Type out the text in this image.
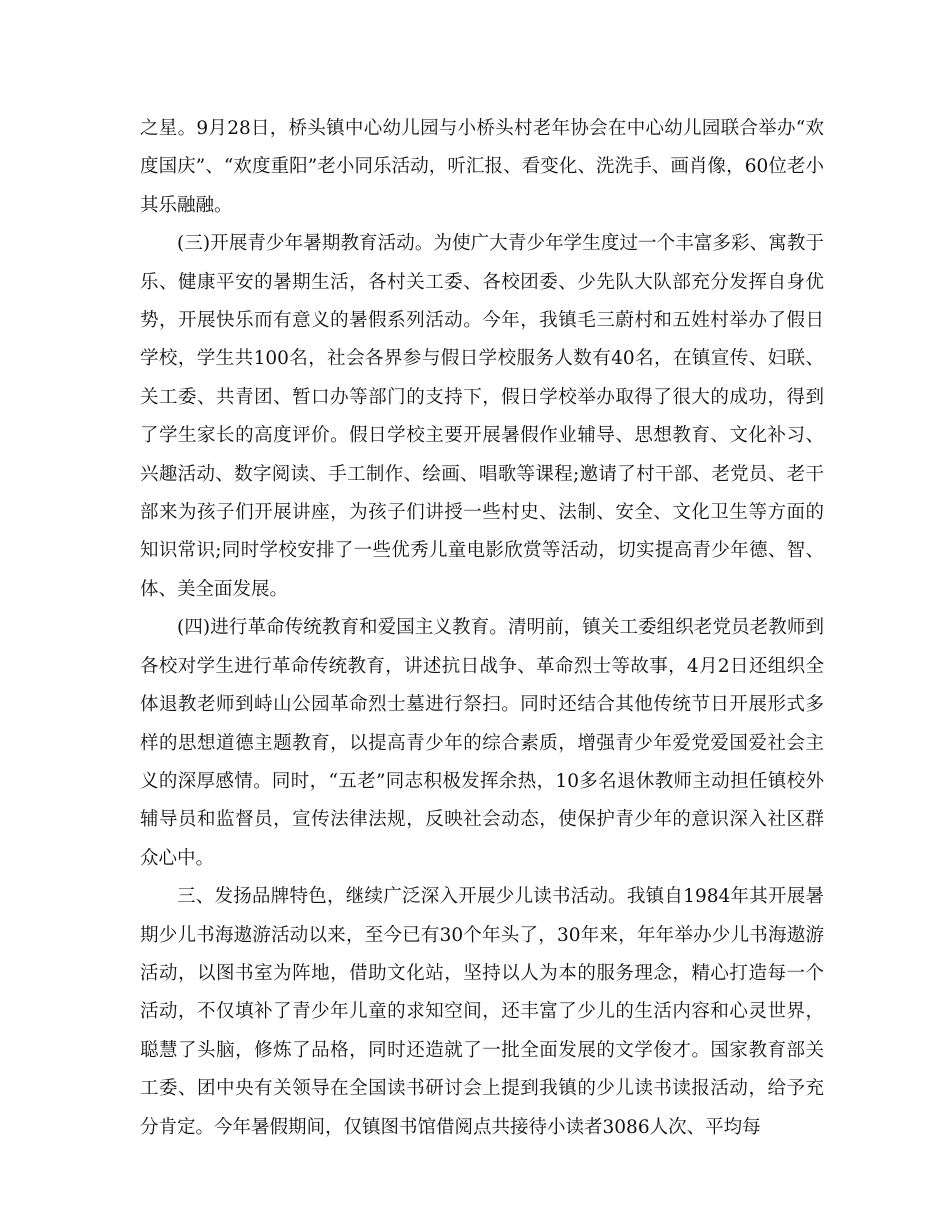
之星。9月28日，桥头镇中心幼儿园与小桥头村老年协会在中心幼儿园联合举办“欢度国庆”、“欢度重阳”老小同乐活动，听汇报、看变化、洗洗手、画肖像，60位老小其乐融融。

(三)开展青少年暑期教育活动。为使广大青少年学生度过一个丰富多彩、寓教于乐、健康平安的暑期生活，各村关工委、各校团委、少先队大队部充分发挥自身优势，开展快乐而有意义的暑假系列活动。今年，我镇毛三蔚村和五姓村举办了假日学校，学生共100名，社会各界参与假日学校服务人数有40名，在镇宣传、妇联、关工委、共青团、暂口办等部门的支持下，假日学校举办取得了很大的成功，得到了学生家长的高度评价。假日学校主要开展暑假作业辅导、思想教育、文化补习、兴趣活动、数字阅读、手工制作、绘画、唱歌等课程;邀请了村干部、老党员、老干部来为孩子们开展讲座，为孩子们讲授一些村史、法制、安全、文化卫生等方面的知识常识;同时学校安排了一些优秀儿童电影欣赏等活动，切实提高青少年德、智、体、美全面发展。

(四)进行革命传统教育和爱国主义教育。清明前，镇关工委组织老党员老教师到各校对学生进行革命传统教育，讲述抗日战争、革命烈士等故事，4月2日还组织全体退教老师到峙山公园革命烈士墓进行祭扫。同时还结合其他传统节日开展形式多样的思想道德主题教育，以提高青少年的综合素质，增强青少年爱党爱国爱社会主义的深厚感情。同时，“五老”同志积极发挥余热，10多名退休教师主动担任镇校外辅导员和监督员，宣传法律法规，反映社会动态，使保护青少年的意识深入社区群众心中。

三、发扬品牌特色，继续广泛深入开展少儿读书活动。我镇自1984年其开展暑期少儿书海遨游活动以来，至今已有30个年头了，30年来，年年举办少儿书海遨游活动，以图书室为阵地，借助文化站，坚持以人为本的服务理念，精心打造每一个活动，不仅填补了青少年儿童的求知空间，还丰富了少儿的生活内容和心灵世界，聪慧了头脑，修炼了品格，同时还造就了一批全面发展的文学俊才。国家教育部关工委、团中央有关领导在全国读书研讨会上提到我镇的少儿读书读报活动，给予充分肯定。今年暑假期间，仅镇图书馆借阅点共接待小读者3086人次、平均每
